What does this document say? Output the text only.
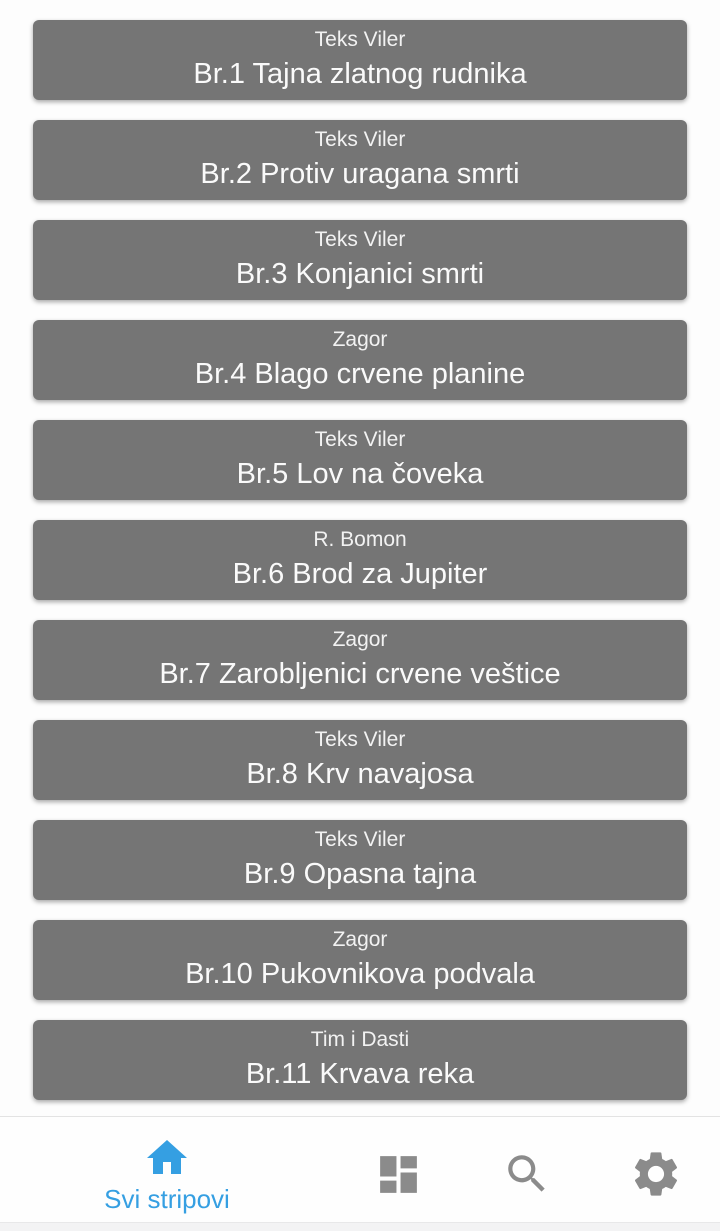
Teks Viler
Br.1 Tajna zlatnog rudnika
Teks Viler
Br.2 Protiv uragana smrti
Teks Viler
Br.3 Konjanici smrti
Zagor
Br.4 Blago crvene planine
Teks Viler
Br.5 Lov na čoveka
R. Bomon
Br.6 Brod za Jupiter
Zagor
Br.7 Zarobljenici crvene veštice
Teks Viler
Br.8 Krv navajosa
Teks Viler
Br.9 Opasna tajna
Zagor
Br.10 Pukovnikova podvala
Tim i Dasti
Br.11 Krvava reka
Svi stripovi
